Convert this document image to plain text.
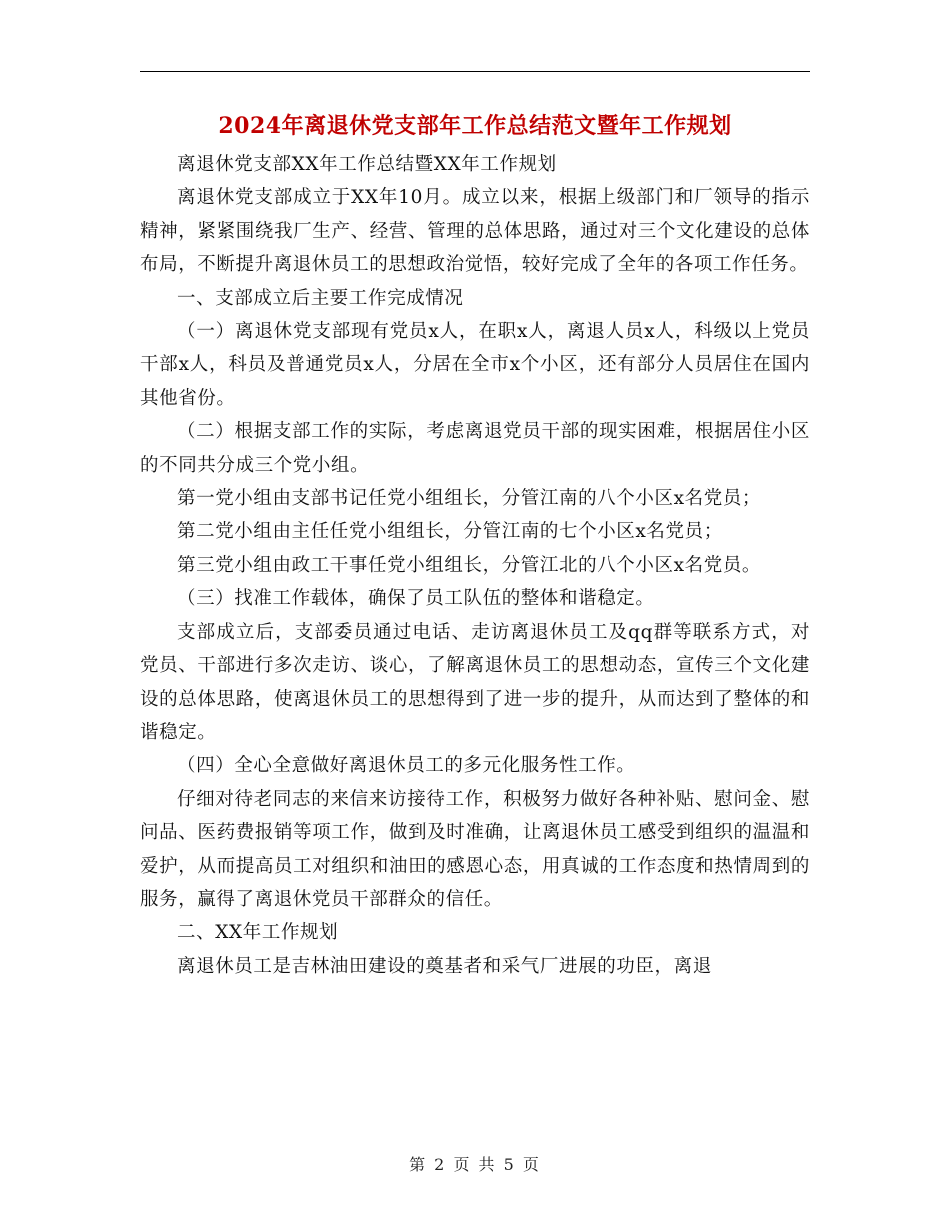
2024年离退休党支部年工作总结范文暨年工作规划

离退休党支部XX年工作总结暨XX年工作规划

离退休党支部成立于XX年10月。成立以来，根据上级部门和厂领导的指示精神，紧紧围绕我厂生产、经营、管理的总体思路，通过对三个文化建设的总体布局，不断提升离退休员工的思想政治觉悟，较好完成了全年的各项工作任务。

一、支部成立后主要工作完成情况

（一）离退休党支部现有党员x人，在职x人，离退人员x人，科级以上党员干部x人，科员及普通党员x人，分居在全市x个小区，还有部分人员居住在国内其他省份。

（二）根据支部工作的实际，考虑离退党员干部的现实困难，根据居住小区的不同共分成三个党小组。

第一党小组由支部书记任党小组组长，分管江南的八个小区x名党员；

第二党小组由主任任党小组组长，分管江南的七个小区x名党员；

第三党小组由政工干事任党小组组长，分管江北的八个小区x名党员。

（三）找准工作载体，确保了员工队伍的整体和谐稳定。

支部成立后，支部委员通过电话、走访离退休员工及qq群等联系方式，对党员、干部进行多次走访、谈心，了解离退休员工的思想动态，宣传三个文化建设的总体思路，使离退休员工的思想得到了进一步的提升，从而达到了整体的和谐稳定。

（四）全心全意做好离退休员工的多元化服务性工作。

仔细对待老同志的来信来访接待工作，积极努力做好各种补贴、慰问金、慰问品、医药费报销等项工作，做到及时准确，让离退休员工感受到组织的温温和爱护，从而提高员工对组织和油田的感恩心态，用真诚的工作态度和热情周到的服务，赢得了离退休党员干部群众的信任。

二、XX年工作规划

离退休员工是吉林油田建设的奠基者和采气厂进展的功臣，离退

第 2 页 共 5 页
